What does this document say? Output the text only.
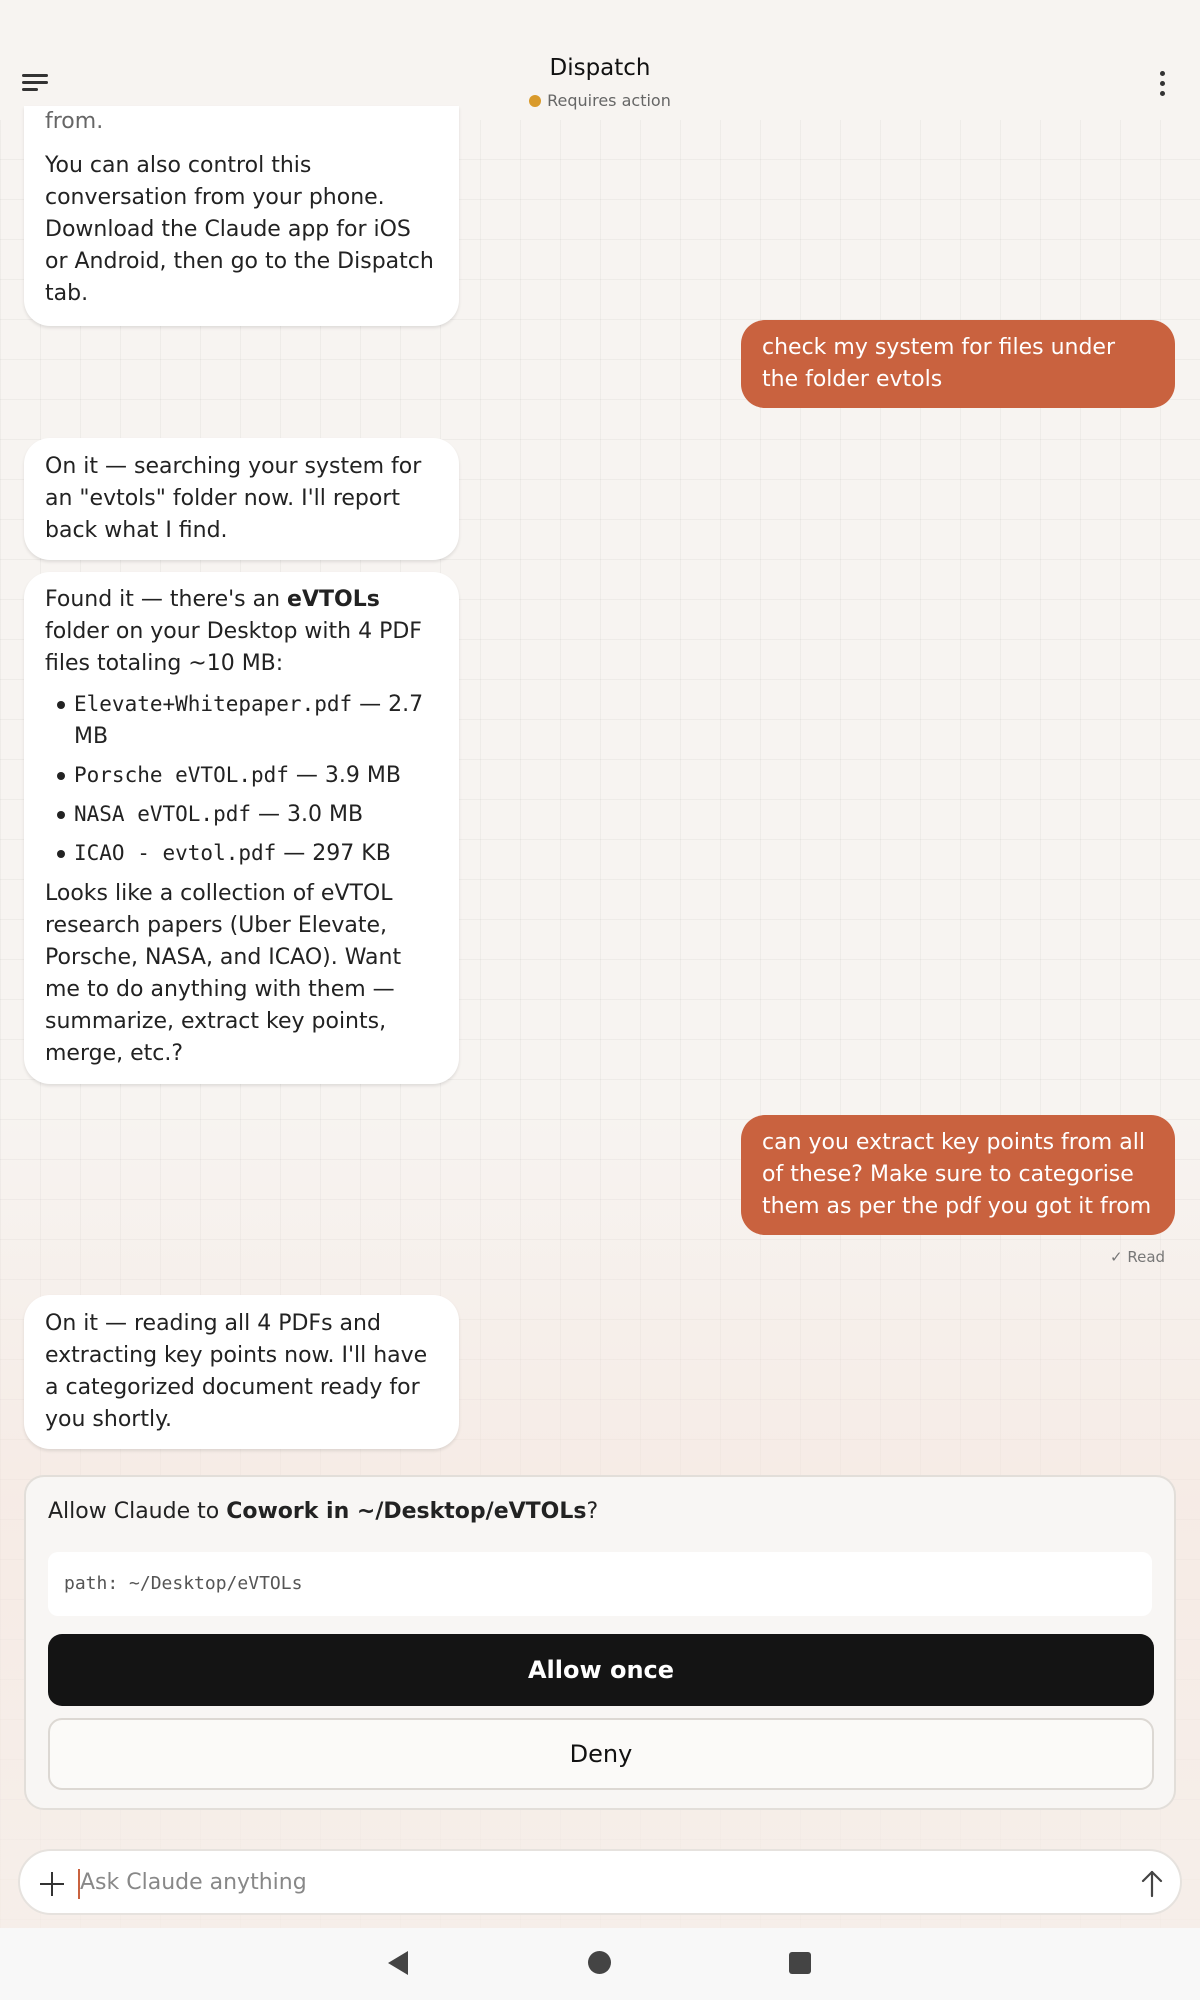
Dispatch
Requires action
from.
You can also control this conversation from your phone. Download the Claude app for iOS or Android, then go to the Dispatch tab.
check my system for files under the folder evtols
On it — searching your system for an "evtols" folder now. I'll report back what I find.
Found it — there's an eVTOLs folder on your Desktop with 4 PDF files totaling ~10 MB:
Elevate+Whitepaper.pdf — 2.7 MB
Porsche eVTOL.pdf — 3.9 MB
NASA eVTOL.pdf — 3.0 MB
ICAO - evtol.pdf — 297 KB
Looks like a collection of eVTOL research papers (Uber Elevate, Porsche, NASA, and ICAO). Want me to do anything with them — summarize, extract key points, merge, etc.?
can you extract key points from all of these? Make sure to categorise them as per the pdf you got it from
✓ Read
On it — reading all 4 PDFs and extracting key points now. I'll have a categorized document ready for you shortly.
Allow Claude to Cowork in ~/Desktop/eVTOLs?
path: ~/Desktop/eVTOLs
Allow once
Deny
Ask Claude anything
